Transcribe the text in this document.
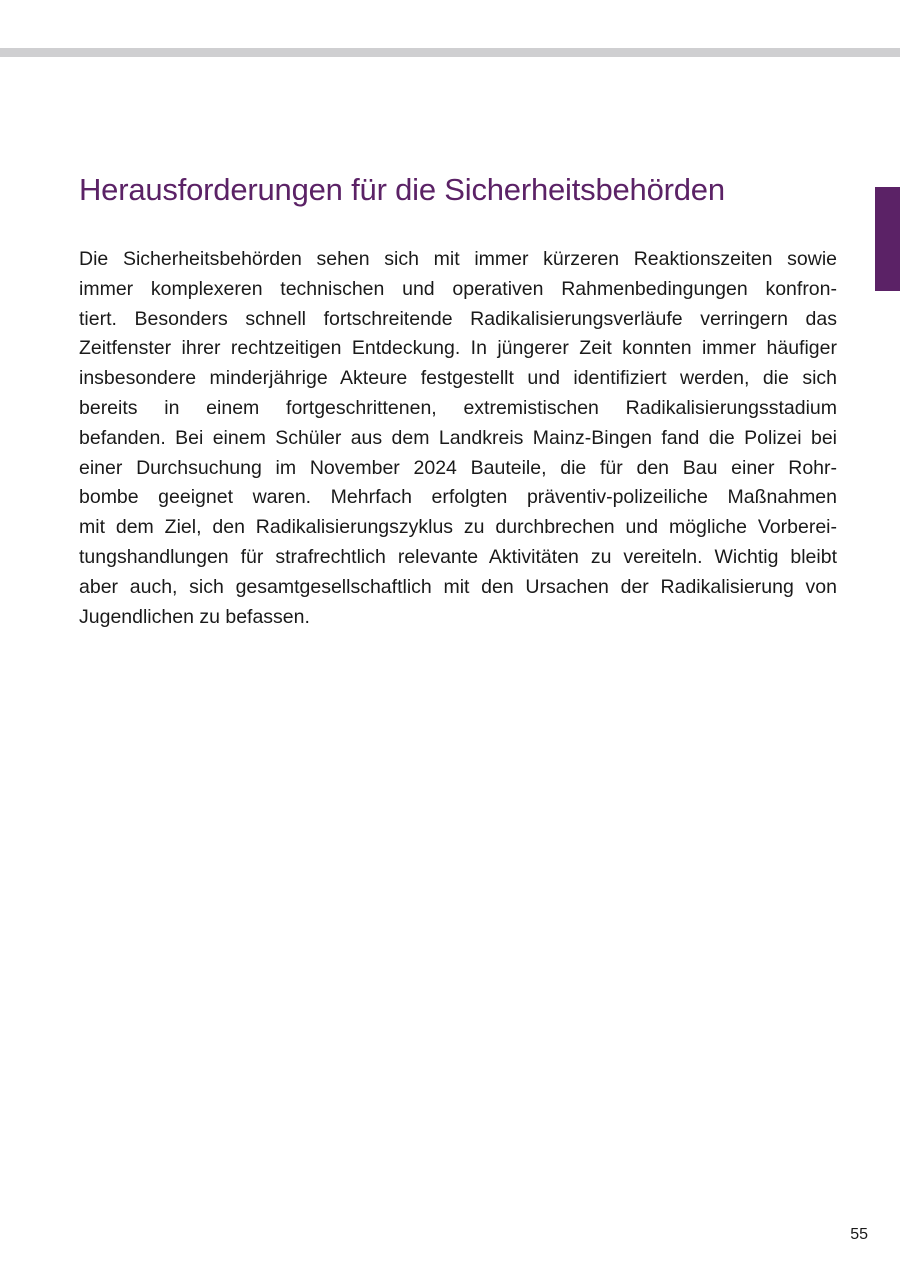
Herausforderungen für die Sicherheitsbehörden

Die Sicherheitsbehörden sehen sich mit immer kürzeren Reaktionszeiten sowie
immer komplexeren technischen und operativen Rahmenbedingungen konfron-
tiert. Besonders schnell fortschreitende Radikalisierungsverläufe verringern das
Zeitfenster ihrer rechtzeitigen Entdeckung. In jüngerer Zeit konnten immer häufiger
insbesondere minderjährige Akteure festgestellt und identifiziert werden, die sich
bereits in einem fortgeschrittenen, extremistischen Radikalisierungsstadium
befanden. Bei einem Schüler aus dem Landkreis Mainz-Bingen fand die Polizei bei
einer Durchsuchung im November 2024 Bauteile, die für den Bau einer Rohr-
bombe geeignet waren. Mehrfach erfolgten präventiv-polizeiliche Maßnahmen
mit dem Ziel, den Radikalisierungszyklus zu durchbrechen und mögliche Vorberei-
tungshandlungen für strafrechtlich relevante Aktivitäten zu vereiteln. Wichtig bleibt
aber auch, sich gesamtgesellschaftlich mit den Ursachen der Radikalisierung von
Jugendlichen zu befassen.

55
